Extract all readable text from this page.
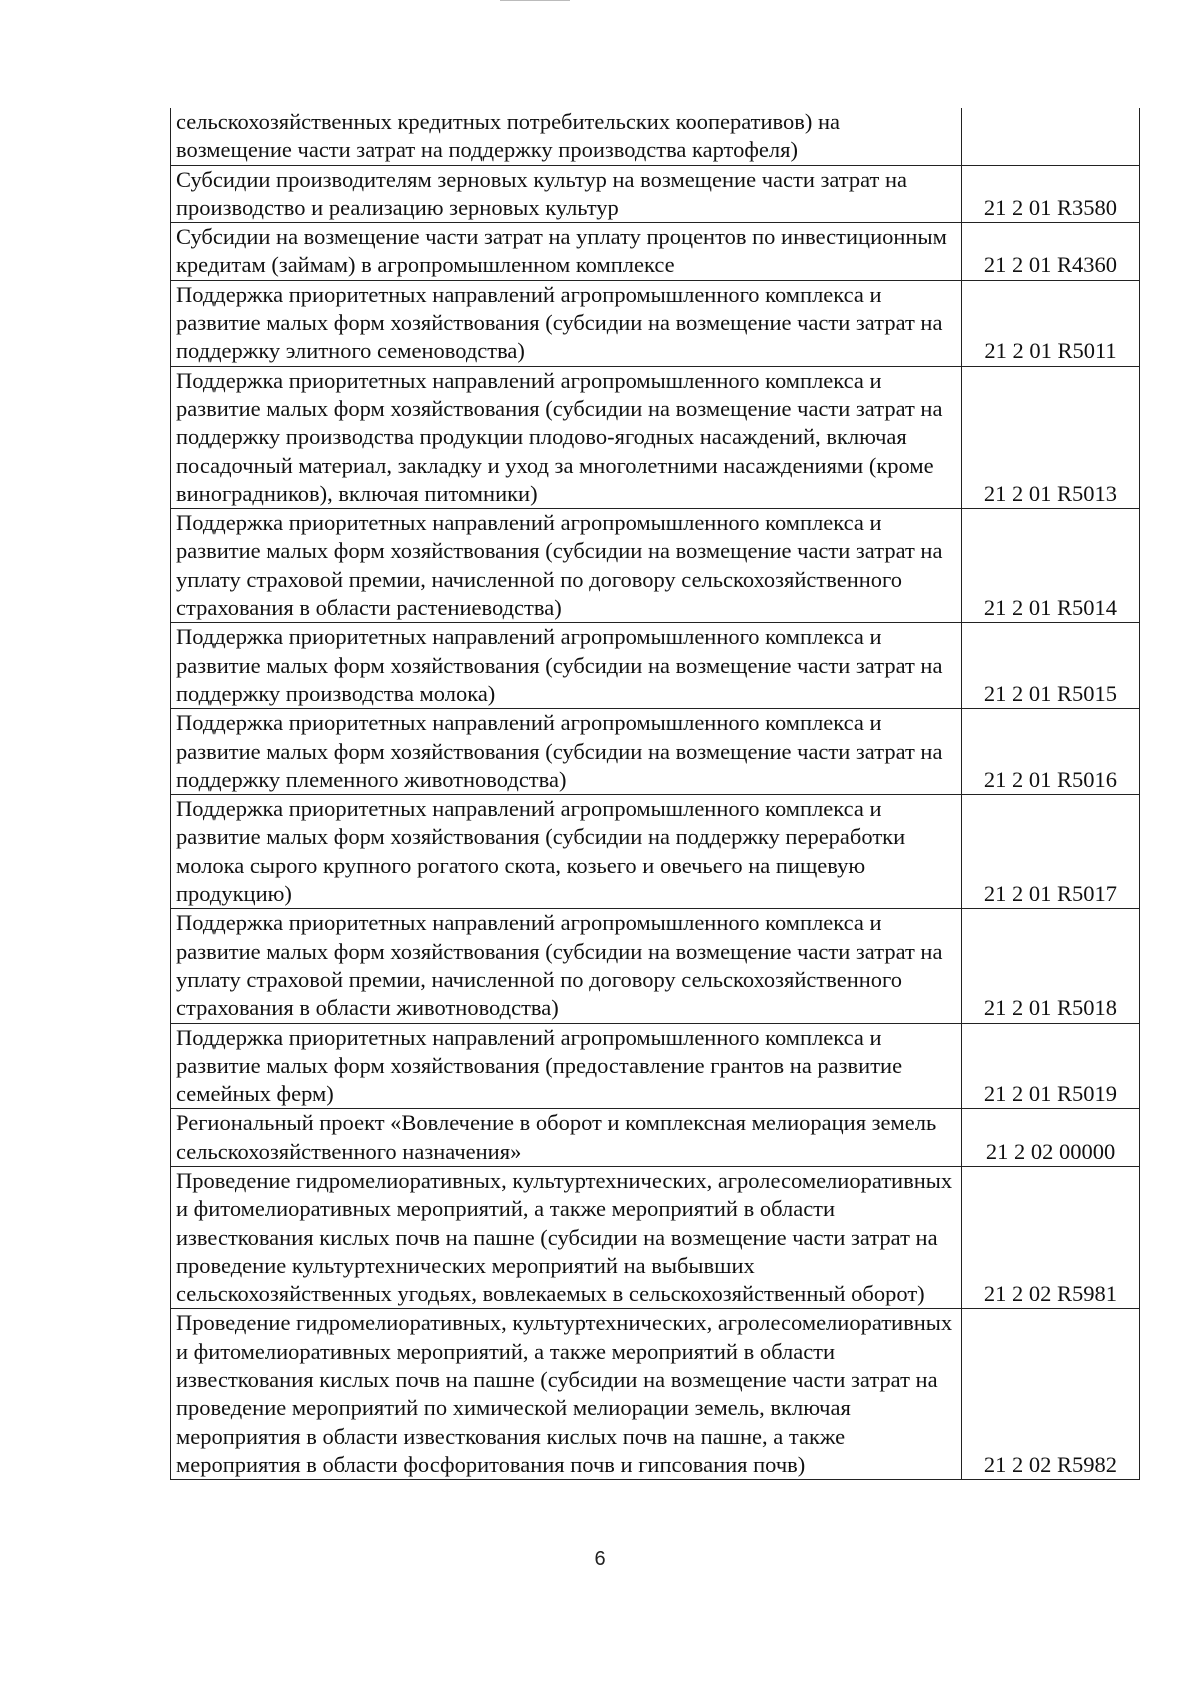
сельскохозяйственных кредитных потребительских кооперативов) на возмещение части затрат на поддержку производства картофеля)	
Субсидии производителям зерновых культур на возмещение части затрат на производство и реализацию зерновых культур	21 2 01 R3580
Субсидии на возмещение части затрат на уплату процентов по инвестиционным кредитам (займам) в агропромышленном комплексе	21 2 01 R4360
Поддержка приоритетных направлений агропромышленного комплекса и развитие малых форм хозяйствования (субсидии на возмещение части затрат на поддержку элитного семеноводства)	21 2 01 R5011
Поддержка приоритетных направлений агропромышленного комплекса и развитие малых форм хозяйствования (субсидии на возмещение части затрат на поддержку производства продукции плодово-ягодных насаждений, включая посадочный материал, закладку и уход за многолетними насаждениями (кроме виноградников), включая питомники)	21 2 01 R5013
Поддержка приоритетных направлений агропромышленного комплекса и развитие малых форм хозяйствования (субсидии на возмещение части затрат на уплату страховой премии, начисленной по договору сельскохозяйственного страхования в области растениеводства)	21 2 01 R5014
Поддержка приоритетных направлений агропромышленного комплекса и развитие малых форм хозяйствования (субсидии на возмещение части затрат на поддержку производства молока)	21 2 01 R5015
Поддержка приоритетных направлений агропромышленного комплекса и развитие малых форм хозяйствования (субсидии на возмещение части затрат на поддержку племенного животноводства)	21 2 01 R5016
Поддержка приоритетных направлений агропромышленного комплекса и развитие малых форм хозяйствования (субсидии на поддержку переработки молока сырого крупного рогатого скота, козьего и овечьего на пищевую продукцию)	21 2 01 R5017
Поддержка приоритетных направлений агропромышленного комплекса и развитие малых форм хозяйствования (субсидии на возмещение части затрат на уплату страховой премии, начисленной по договору сельскохозяйственного страхования в области животноводства)	21 2 01 R5018
Поддержка приоритетных направлений агропромышленного комплекса и развитие малых форм хозяйствования (предоставление грантов на развитие семейных ферм)	21 2 01 R5019
Региональный проект «Вовлечение в оборот и комплексная мелиорация земель сельскохозяйственного назначения»	21 2 02 00000
Проведение гидромелиоративных, культуртехнических, агролесомелиоративных и фитомелиоративных мероприятий, а также мероприятий в области известкования кислых почв на пашне (субсидии на возмещение части затрат на проведение культуртехнических мероприятий на выбывших сельскохозяйственных угодьях, вовлекаемых в сельскохозяйственный оборот)	21 2 02 R5981
Проведение гидромелиоративных, культуртехнических, агролесомелиоративных и фитомелиоративных мероприятий, а также мероприятий в области известкования кислых почв на пашне (субсидии на возмещение части затрат на проведение мероприятий по химической мелиорации земель, включая мероприятия в области известкования кислых почв на пашне, а также мероприятия в области фосфоритования почв и гипсования почв)	21 2 02 R5982
6
